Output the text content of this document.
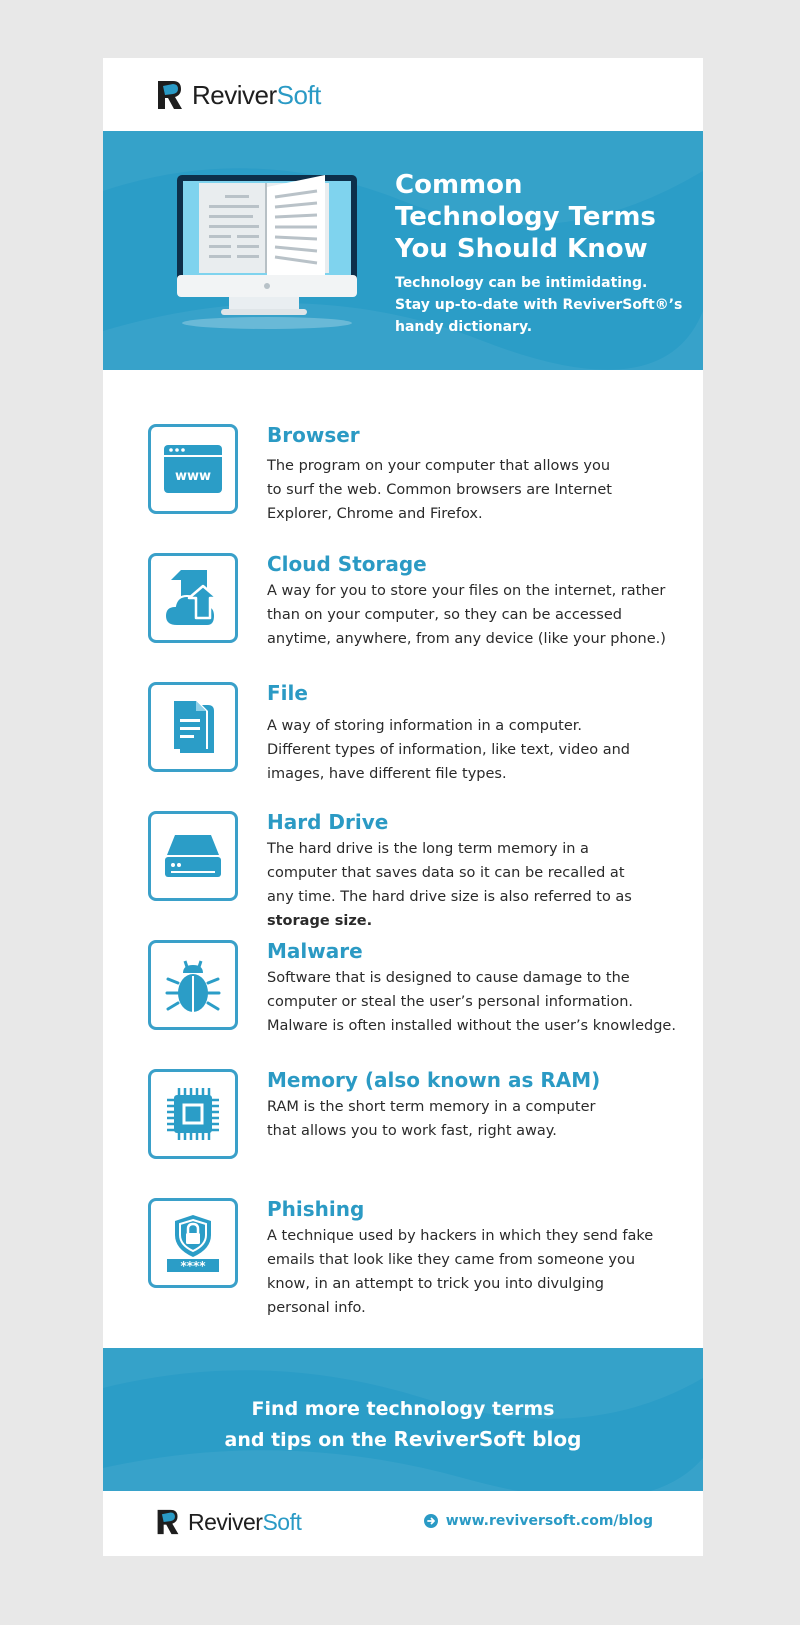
ReviverSoft
Common Technology Terms You Should Know
Technology can be intimidating. Stay up-to-date with ReviverSoft®’s handy dictionary.
www
Browser
The program on your computer that allows you to surf the web. Common browsers are Internet Explorer, Chrome and Firefox.
Cloud Storage
A way for you to store your files on the internet, rather than on your computer, so they can be accessed anytime, anywhere, from any device (like your phone.)
File
A way of storing information in a computer. Different types of information, like text, video and images, have different file types.
Hard Drive
The hard drive is the long term memory in a computer that saves data so it can be recalled at any time. The hard drive size is also referred to as storage size.
Malware
Software that is designed to cause damage to the computer or steal the user’s personal information. Malware is often installed without the user’s knowledge.
Memory (also known as RAM)
RAM is the short term memory in a computer that allows you to work fast, right away.
****
Phishing
A technique used by hackers in which they send fake emails that look like they came from someone you know, in an attempt to trick you into divulging personal info.
Find more technology terms
and tips on the ReviverSoft blog
ReviverSoft	www.reviversoft.com/blog
